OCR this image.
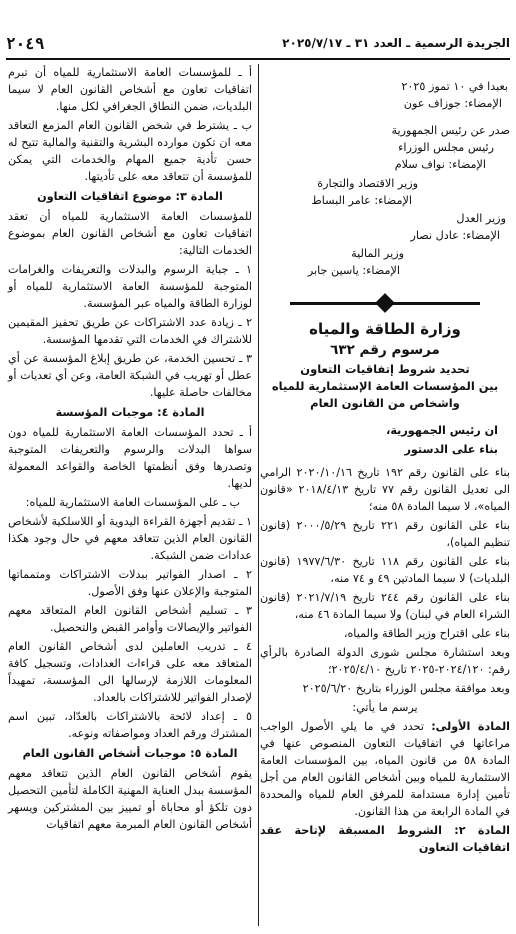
الجريدة الرسمية ـ العدد ٣١ ـ ٢٠٢٥/٧/١٧
٢٠٤٩
بعبدا في ١٠ تموز ٢٠٢٥
الإمضاء: جوزاف عون
صدر عن رئيس الجمهورية
رئيس مجلس الوزراء
الإمضاء: نواف سلام
وزير الاقتصاد والتجارة
الإمضاء: عامر البساط
وزير العدل
الإمضاء: عادل نصار
وزير المالية
الإمضاء: ياسين جابر
وزارة الطاقة والمياه
مرسوم رقم ٦٣٢
تحديد شروط إتفاقيات التعاون
بين المؤسسات العامة الإستثمارية للمياه
واشخاص من القانون العام

ان رئيس الجمهورية،

بناء على الدستور

بناء على القانون رقم ١٩٢ تاريخ ٢٠٢٠/١٠/١٦ الرامي الى تعديل القانون رقم ٧٧ تاريخ ٢٠١٨/٤/١٣ «قانون المياه»، لا سيما المادة ٥٨ منه؛

بناء على القانون رقم ٢٢١ تاريخ ٢٠٠٠/٥/٢٩ (قانون تنظيم المياه)،

بناء على القانون رقم ١١٨ تاريخ ١٩٧٧/٦/٣٠ (قانون البلديات) لا سيما المادتين ٤٩ و ٧٤ منه،

بناء على القانون رقم ٢٤٤ تاريخ ٢٠٢١/٧/١٩ (قانون الشراء العام في لبنان) ولا سيما المادة ٤٦ منه،

بناء على اقتراح وزير الطاقة والمياه،

وبعد استشارة مجلس شورى الدولة الصادرة بالرأي رقم: ٢٠٢٤/١٢٠-٢٠٢٥ تاريخ ٢٠٢٥/٤/١٠؛

وبعد موافقة مجلس الوزراء بتاريخ ٢٠٢٥/٦/٢٠

يرسم ما يأتي:

المادة الأولى: تحدد في ما يلي الأصول الواجب مراعاتها في اتفاقيات التعاون المنصوص عنها في المادة ٥٨ من قانون المياه، بين المؤسسات العامة الاستثمارية للمياه وبين أشخاص القانون العام من أجل تأمين إدارة مستدامة للمرفق العام للمياه والمحددة في المادة الرابعة من هذا القانون.

المادة ٢: الشروط المسبقة لإتاحة عقد اتفاقيات التعاون

أ ـ للمؤسسات العامة الاستثمارية للمياه أن تبرم اتفاقيات تعاون مع أشخاص القانون العام لا سيما البلديات، ضمن النطاق الجغرافي لكل منها.

ب ـ يشترط في شخص القانون العام المزمع التعاقد معه ان تكون موارده البشرية والتقنية والمالية تتيح له حسن تأدية جميع المهام والخدمات التي يمكن للمؤسسة أن تتعاقد معه على تأديتها.

المادة ٣: موضوع اتفاقيات التعاون

للمؤسسات العامة الاستثمارية للمياه أن تعقد اتفاقيات تعاون مع أشخاص القانون العام بموضوع الخدمات التالية:

١ ـ جباية الرسوم والبدلات والتعريفات والغرامات المتوجبة للمؤسسة العامة الاستثمارية للمياه أو لوزارة الطاقة والمياه عبر المؤسسة.

٢ ـ زيادة عدد الاشتراكات عن طريق تحفيز المقيمين للاشتراك في الخدمات التي تقدمها المؤسسة.

٣ ـ تحسين الخدمة، عن طريق إبلاغ المؤسسة عن أي عطل أو تهريب في الشبكة العامة، وعن أي تعديات أو مخالفات حاصلة عليها.

المادة ٤: موجبات المؤسسة

أ ـ تحدد المؤسسات العامة الاستثمارية للمياه دون سواها البدلات والرسوم والتعريفات المتوجبة وتصدرها وفق أنظمتها الخاصة والقواعد المعمولة لديها.

ب ـ على المؤسسات العامة الاستثمارية للمياه:

١ ـ تقديم أجهزة القراءة اليدوية أو اللاسلكية لأشخاص القانون العام الذين تتعاقد معهم في حال وجود هكذا عدادات ضمن الشبكة.

٢ ـ اصدار الفواتير ببدلات الاشتراكات ومتمماتها المتوجبة والإعلان عنها وفق الأصول.

٣ ـ تسليم أشخاص القانون العام المتعاقد معهم الفواتير والإيصالات وأوامر القبض والتحصيل.

٤ ـ تدريب العاملين لدى أشخاص القانون العام المتعاقد معه على قراءات العدادات، وتسجيل كافة المعلومات اللازمة لإرسالها الى المؤسسة، تمهيداً لإصدار الفواتير للاشتراكات بالعداد.

٥ ـ إعداد لائحة بالاشتراكات بالعدّاد، تبين اسم المشترك ورقم العداد ومواصفاته ونوعه.

المادة ٥: موجبات أشخاص القانون العام

يقوم أشخاص القانون العام الذين تتعاقد معهم المؤسسة ببدل العناية المهنية الكاملة لتأمين التحصيل دون تلكؤ أو محاباة أو تمييز بين المشتركين ويسهر أشخاص القانون العام المبرمة معهم اتفاقيات
